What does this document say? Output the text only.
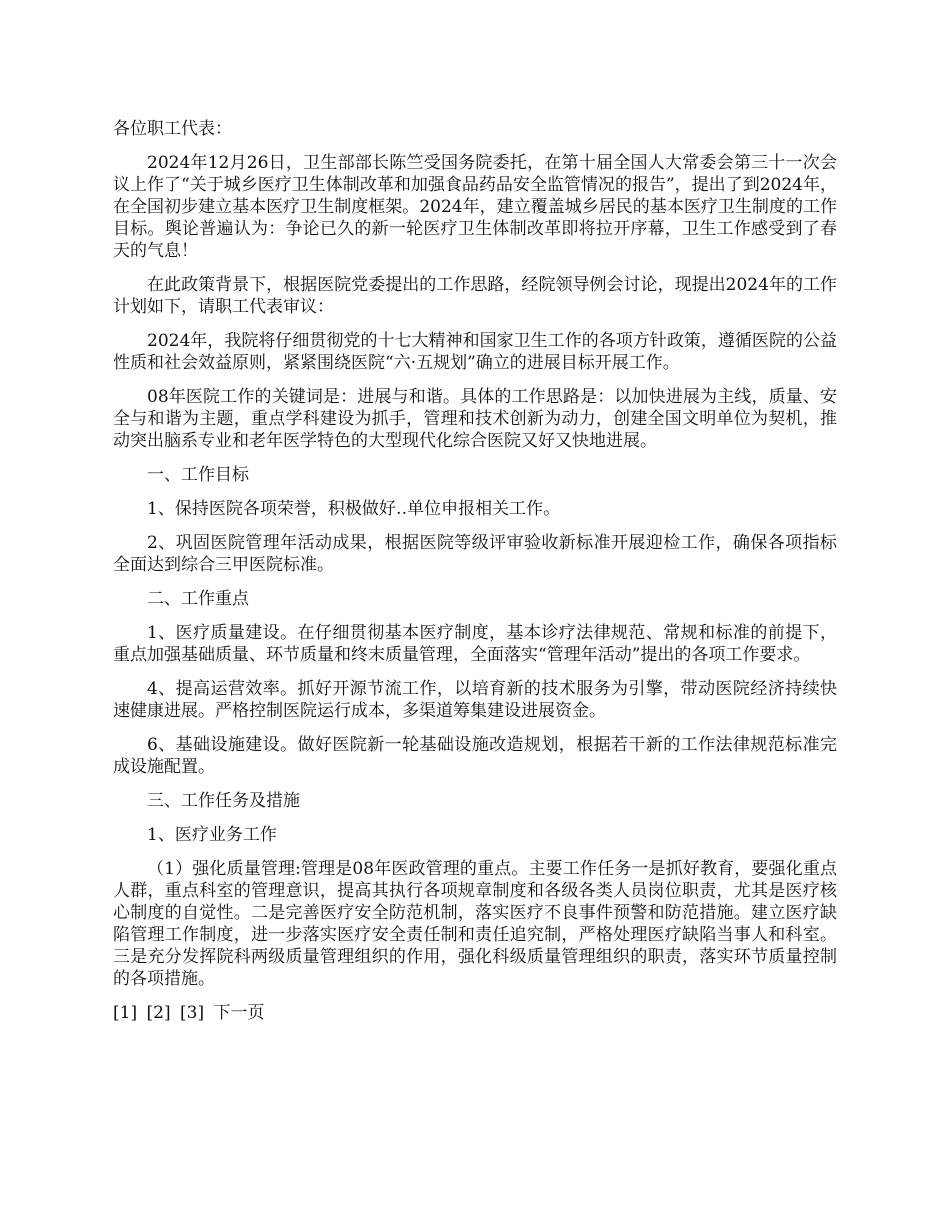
各位职工代表：

2024年12月26日，卫生部部长陈竺受国务院委托，在第十届全国人大常委会第三十一次会议上作了“关于城乡医疗卫生体制改革和加强食品药品安全监管情况的报告”，提出了到2024年，在全国初步建立基本医疗卫生制度框架。2024年，建立覆盖城乡居民的基本医疗卫生制度的工作目标。舆论普遍认为：争论已久的新一轮医疗卫生体制改革即将拉开序幕，卫生工作感受到了春天的气息！

在此政策背景下，根据医院党委提出的工作思路，经院领导例会讨论，现提出2024年的工作计划如下，请职工代表审议：

2024年，我院将仔细贯彻党的十七大精神和国家卫生工作的各项方针政策，遵循医院的公益性质和社会效益原则，紧紧围绕医院“六·五规划”确立的进展目标开展工作。

08年医院工作的关键词是：进展与和谐。具体的工作思路是：以加快进展为主线，质量、安全与和谐为主题，重点学科建设为抓手，管理和技术创新为动力，创建全国文明单位为契机，推动突出脑系专业和老年医学特色的大型现代化综合医院又好又快地进展。

一、工作目标

1、保持医院各项荣誉，积极做好‥单位申报相关工作。

2、巩固医院管理年活动成果，根据医院等级评审验收新标准开展迎检工作，确保各项指标全面达到综合三甲医院标准。

二、工作重点

1、医疗质量建设。在仔细贯彻基本医疗制度，基本诊疗法律规范、常规和标准的前提下，重点加强基础质量、环节质量和终末质量管理，全面落实“管理年活动”提出的各项工作要求。

4、提高运营效率。抓好开源节流工作，以培育新的技术服务为引擎，带动医院经济持续快速健康进展。严格控制医院运行成本，多渠道筹集建设进展资金。

6、基础设施建设。做好医院新一轮基础设施改造规划，根据若干新的工作法律规范标准完成设施配置。

三、工作任务及措施

1、医疗业务工作

（1）强化质量管理:管理是08年医政管理的重点。主要工作任务一是抓好教育，要强化重点人群，重点科室的管理意识，提高其执行各项规章制度和各级各类人员岗位职责，尤其是医疗核心制度的自觉性。二是完善医疗安全防范机制，落实医疗不良事件预警和防范措施。建立医疗缺陷管理工作制度，进一步落实医疗安全责任制和责任追究制，严格处理医疗缺陷当事人和科室。三是充分发挥院科两级质量管理组织的作用，强化科级质量管理组织的职责，落实环节质量控制的各项措施。

[1] [2] [3] 下一页
